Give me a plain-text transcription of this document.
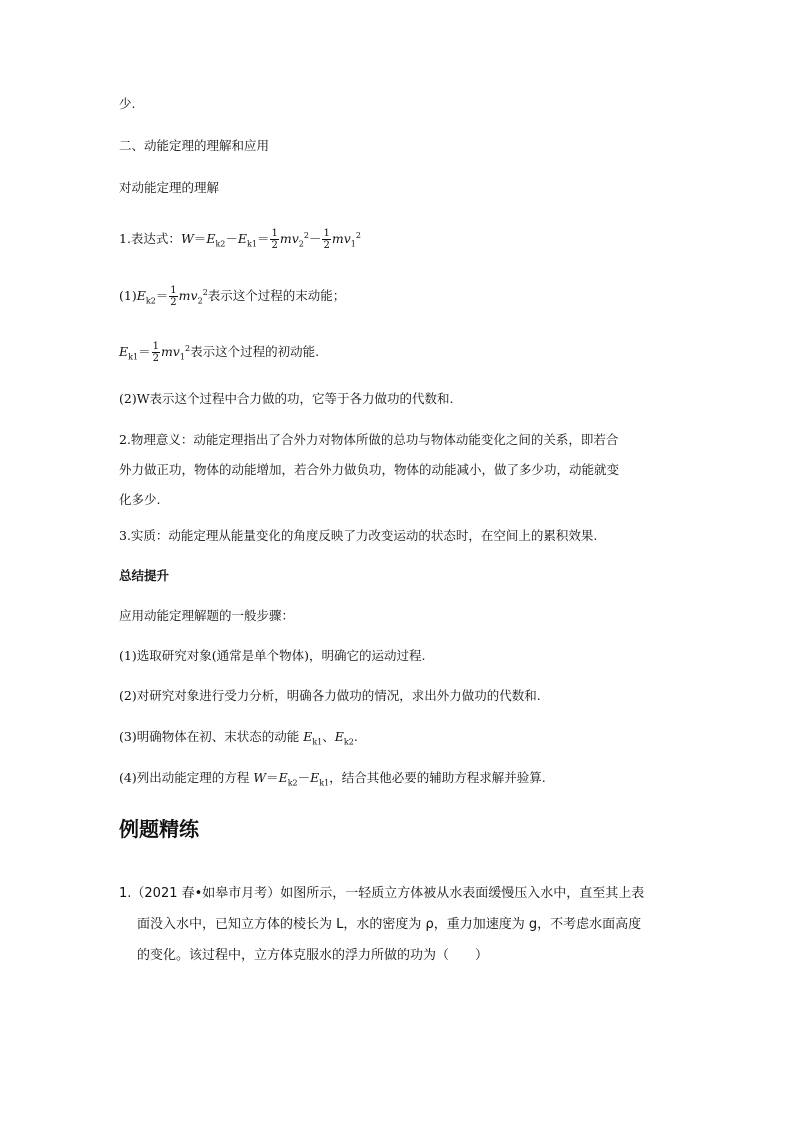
少.
二、动能定理的理解和应用
对动能定理的理解
1.表达式：$W=E_{k2}-E_{k1}= \frac{1}{2} mv_2^2- \frac{1}{2} mv_1^2$
$(1)E_{k2}= \frac{1}{2} mv_2^2$表示这个过程的末动能；
$E_{k1}= \frac{1}{2} mv_1^2$表示这个过程的初动能.
(2)W表示这个过程中合力做的功，它等于各力做功的代数和.
2.物理意义：动能定理指出了合外力对物体所做的总功与物体动能变化之间的关系，即若合
外力做正功，物体的动能增加，若合外力做负功，物体的动能减小，做了多少功，动能就变
化多少.
3.实质：动能定理从能量变化的角度反映了力改变运动的状态时，在空间上的累积效果.
总结提升
应用动能定理解题的一般步骤：
(1)选取研究对象(通常是单个物体)，明确它的运动过程.
(2)对研究对象进行受力分析，明确各力做功的情况，求出外力做功的代数和.
(3)明确物体在初、末状态的动能 $E_{k1}$、$E_{k2}$.
(4)列出动能定理的方程 $W=E_{k2}-E_{k1}$，结合其他必要的辅助方程求解并验算.
例题精练
1.（2021 春•如皋市月考）如图所示，一轻质立方体被从水表面缓慢压入水中，直至其上表
面没入水中，已知立方体的棱长为 L，水的密度为 ρ，重力加速度为 g，不考虑水面高度
的变化。该过程中，立方体克服水的浮力所做的功为（　　）
